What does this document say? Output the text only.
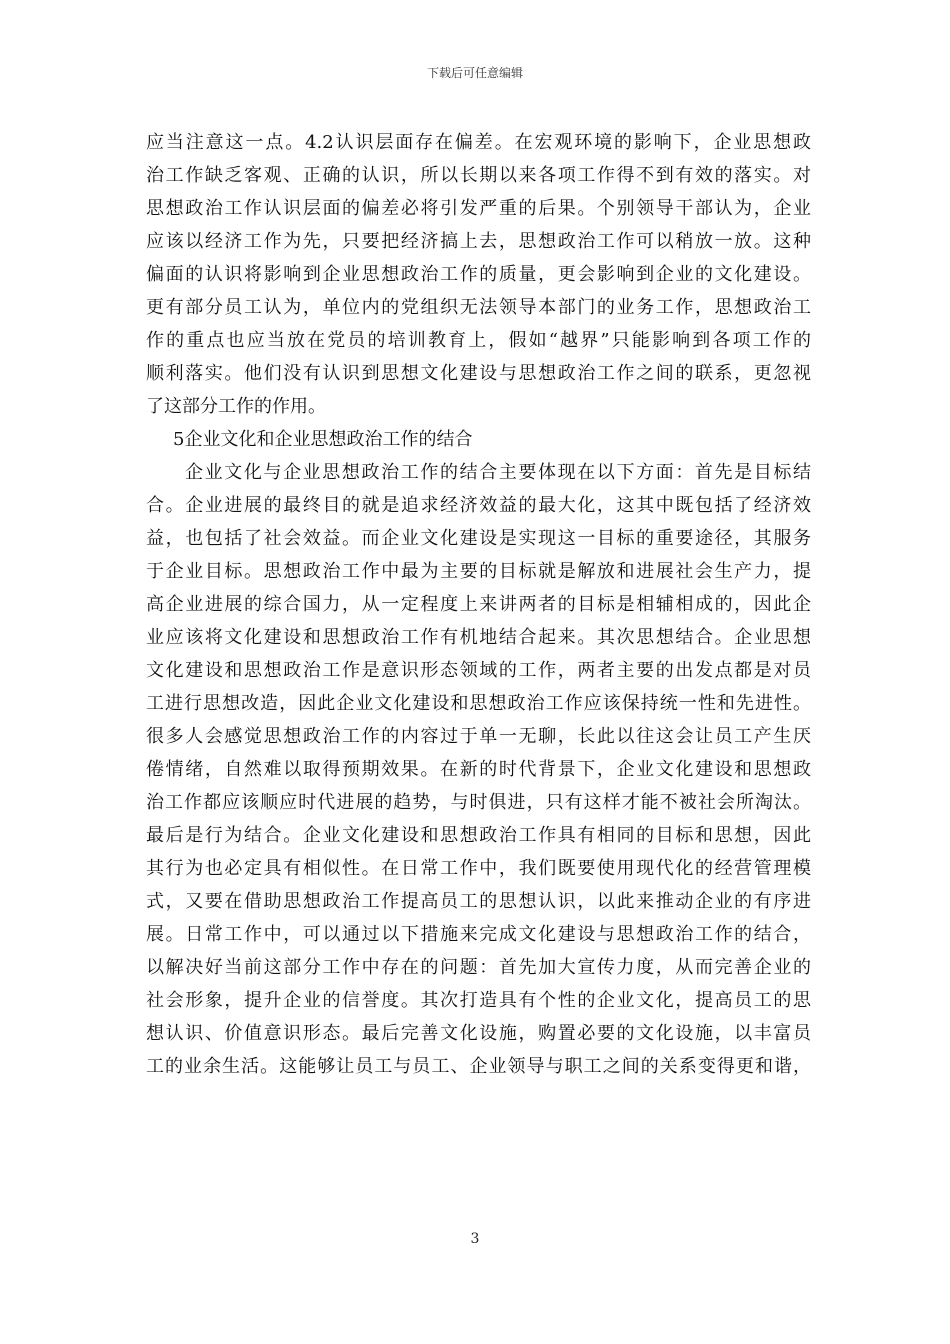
下载后可任意编辑
应当注意这一点。4.2认识层面存在偏差。在宏观环境的影响下，企业思想政
治工作缺乏客观、正确的认识，所以长期以来各项工作得不到有效的落实。对
思想政治工作认识层面的偏差必将引发严重的后果。个别领导干部认为，企业
应该以经济工作为先，只要把经济搞上去，思想政治工作可以稍放一放。这种
偏面的认识将影响到企业思想政治工作的质量，更会影响到企业的文化建设。
更有部分员工认为，单位内的党组织无法领导本部门的业务工作，思想政治工
作的重点也应当放在党员的培训教育上，假如“越界”只能影响到各项工作的
顺利落实。他们没有认识到思想文化建设与思想政治工作之间的联系，更忽视
了这部分工作的作用。
5企业文化和企业思想政治工作的结合
企业文化与企业思想政治工作的结合主要体现在以下方面：首先是目标结
合。企业进展的最终目的就是追求经济效益的最大化，这其中既包括了经济效
益，也包括了社会效益。而企业文化建设是实现这一目标的重要途径，其服务
于企业目标。思想政治工作中最为主要的目标就是解放和进展社会生产力，提
高企业进展的综合国力，从一定程度上来讲两者的目标是相辅相成的，因此企
业应该将文化建设和思想政治工作有机地结合起来。其次思想结合。企业思想
文化建设和思想政治工作是意识形态领域的工作，两者主要的出发点都是对员
工进行思想改造，因此企业文化建设和思想政治工作应该保持统一性和先进性。
很多人会感觉思想政治工作的内容过于单一无聊，长此以往这会让员工产生厌
倦情绪，自然难以取得预期效果。在新的时代背景下，企业文化建设和思想政
治工作都应该顺应时代进展的趋势，与时俱进，只有这样才能不被社会所淘汰。
最后是行为结合。企业文化建设和思想政治工作具有相同的目标和思想，因此
其行为也必定具有相似性。在日常工作中，我们既要使用现代化的经营管理模
式，又要在借助思想政治工作提高员工的思想认识，以此来推动企业的有序进
展。日常工作中，可以通过以下措施来完成文化建设与思想政治工作的结合，
以解决好当前这部分工作中存在的问题：首先加大宣传力度，从而完善企业的
社会形象，提升企业的信誉度。其次打造具有个性的企业文化，提高员工的思
想认识、价值意识形态。最后完善文化设施，购置必要的文化设施，以丰富员
工的业余生活。这能够让员工与员工、企业领导与职工之间的关系变得更和谐，
3
